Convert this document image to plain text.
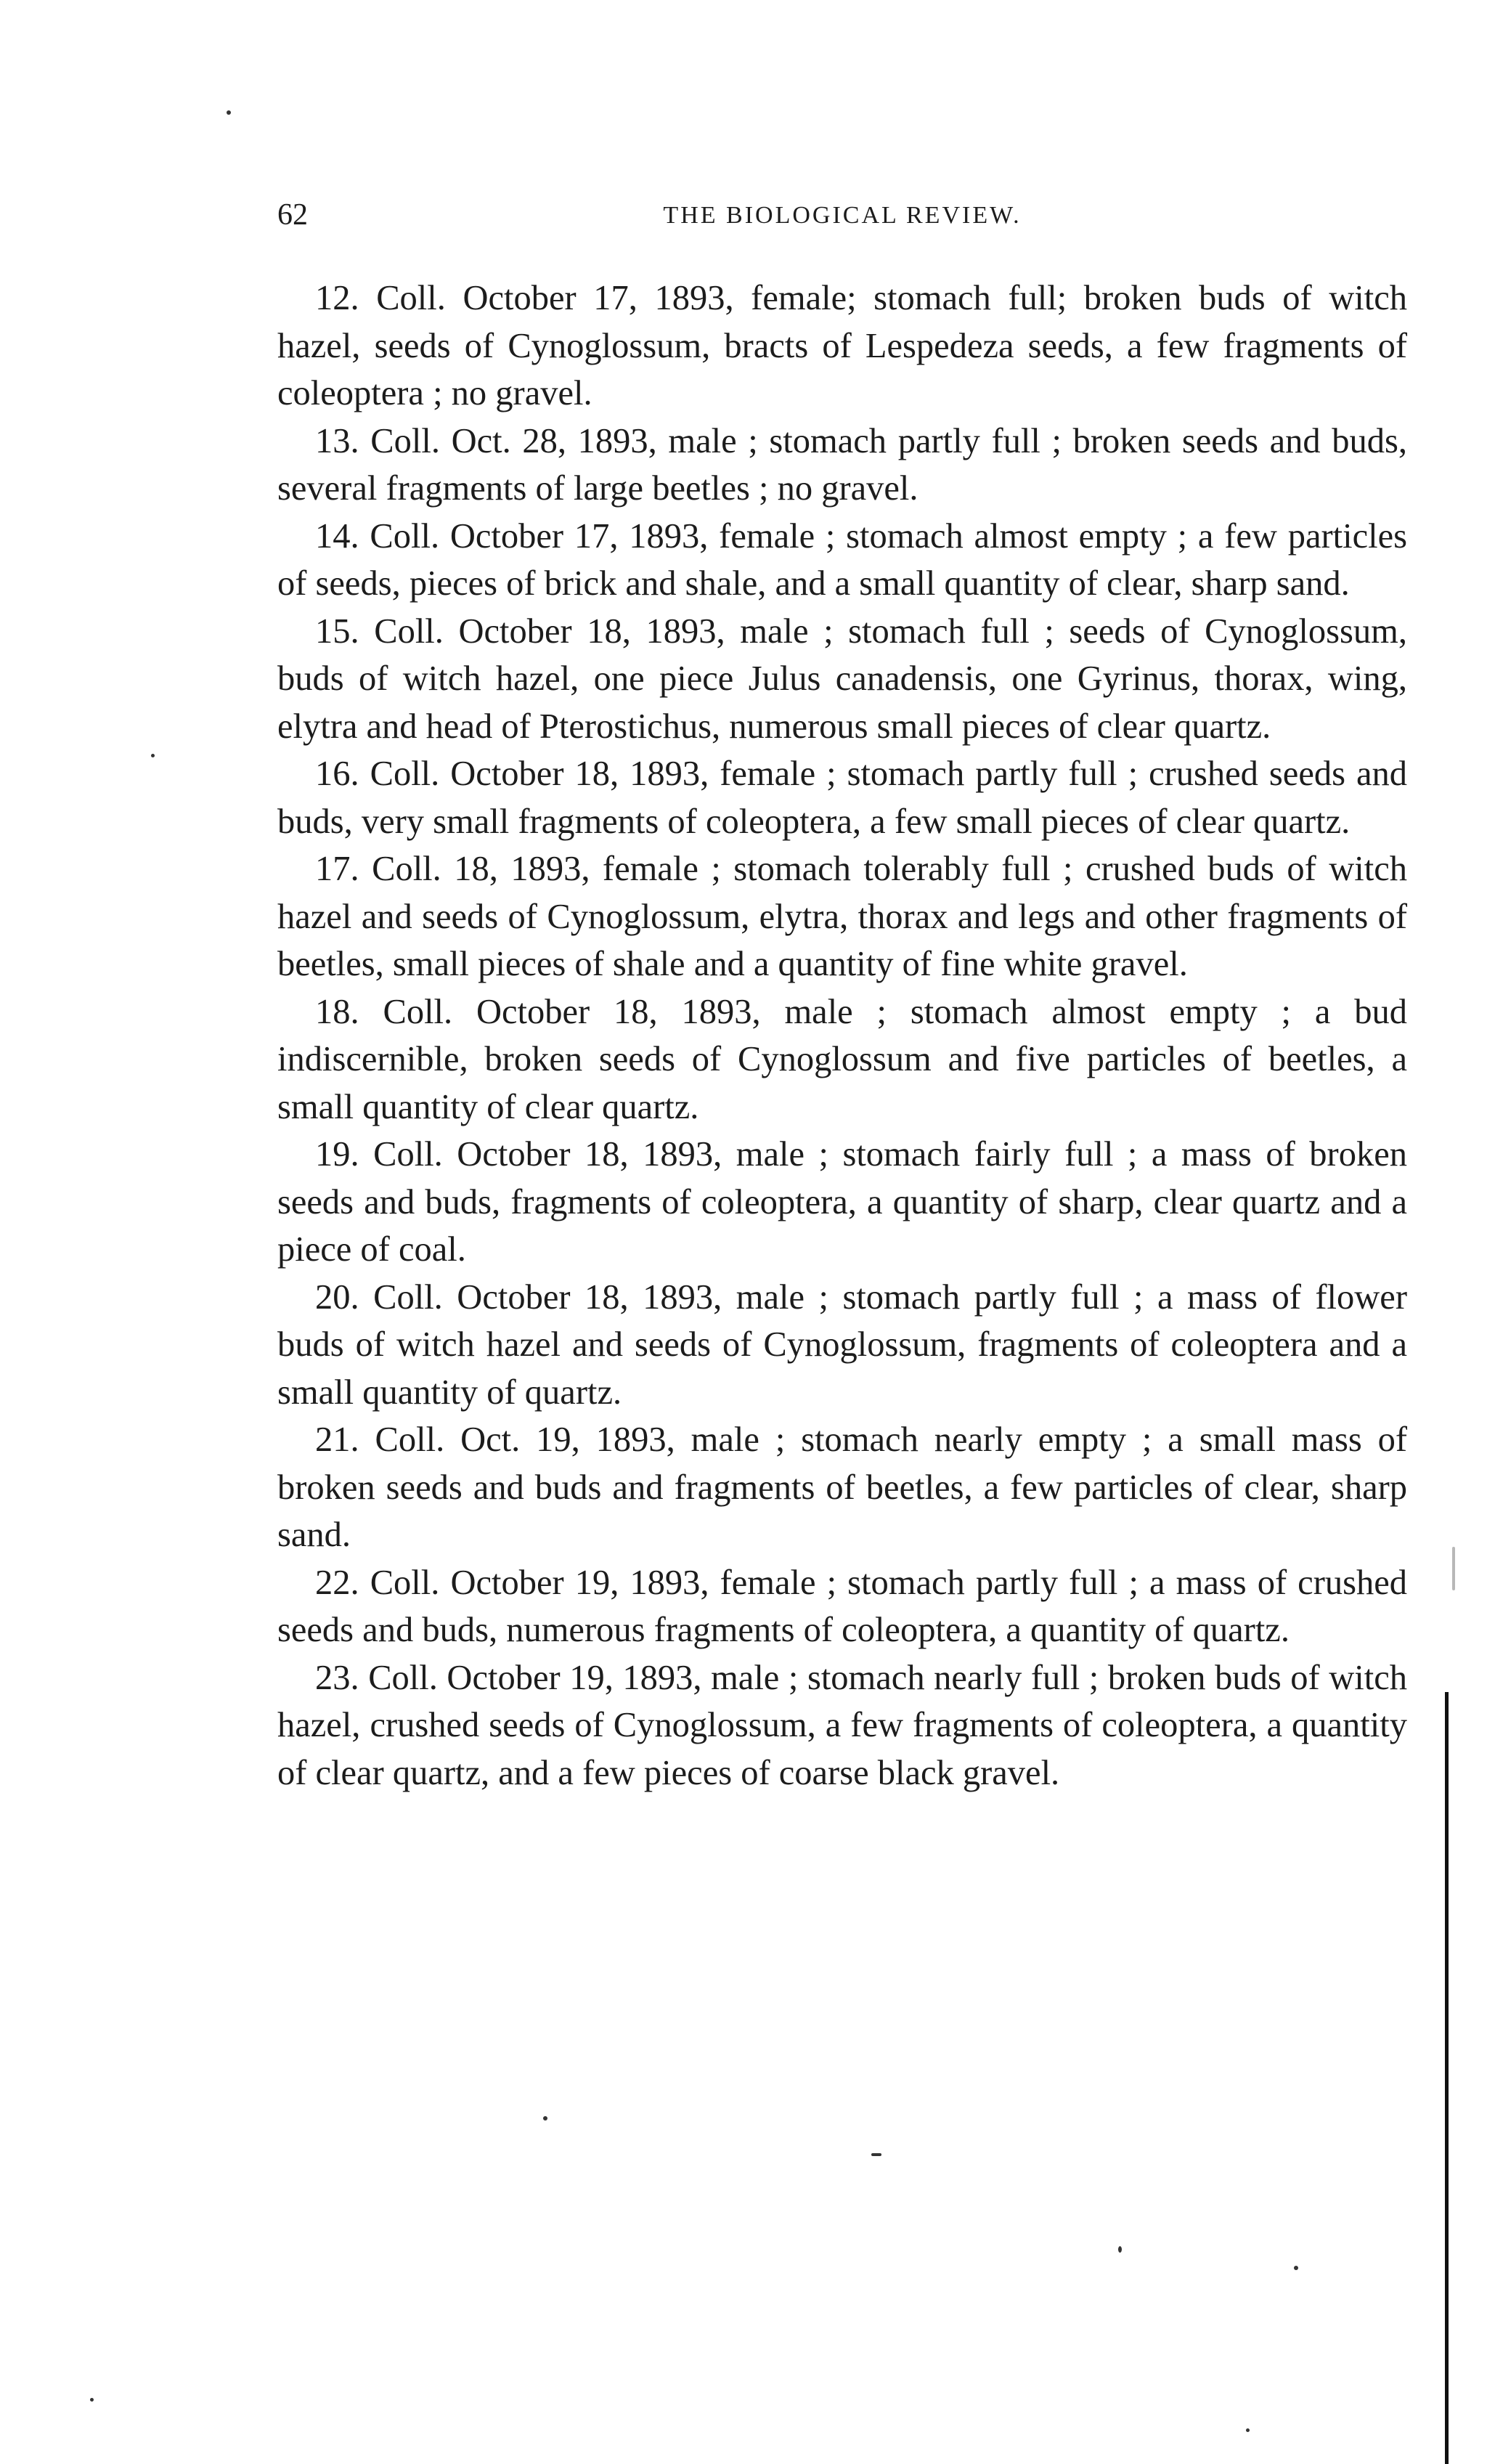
62	THE BIOLOGICAL REVIEW.

12. Coll. October 17, 1893, female; stomach full; broken buds of witch hazel, seeds of Cynoglossum, bracts of Lespedeza seeds, a few fragments of coleoptera ; no gravel.

13. Coll. Oct. 28, 1893, male ; stomach partly full ; broken seeds and buds, several fragments of large beetles ; no gravel.

14. Coll. October 17, 1893, female ; stomach almost empty ; a few particles of seeds, pieces of brick and shale, and a small quantity of clear, sharp sand.

15. Coll. October 18, 1893, male ; stomach full ; seeds of Cynoglossum, buds of witch hazel, one piece Julus canadensis, one Gyrinus, thorax, wing, elytra and head of Pterostichus, numerous small pieces of clear quartz.

16. Coll. October 18, 1893, female ; stomach partly full ; crushed seeds and buds, very small fragments of coleoptera, a few small pieces of clear quartz.

17. Coll. 18, 1893, female ; stomach tolerably full ; crushed buds of witch hazel and seeds of Cynoglossum, elytra, thorax and legs and other fragments of beetles, small pieces of shale and a quantity of fine white gravel.

18. Coll. October 18, 1893, male ; stomach almost empty ; a bud indiscernible, broken seeds of Cynoglossum and five particles of beetles, a small quantity of clear quartz.

19. Coll. October 18, 1893, male ; stomach fairly full ; a mass of broken seeds and buds, fragments of coleoptera, a quantity of sharp, clear quartz and a piece of coal.

20. Coll. October 18, 1893, male ; stomach partly full ; a mass of flower buds of witch hazel and seeds of Cynoglossum, fragments of coleoptera and a small quantity of quartz.

21. Coll. Oct. 19, 1893, male ; stomach nearly empty ; a small mass of broken seeds and buds and fragments of beetles, a few particles of clear, sharp sand.

22. Coll. October 19, 1893, female ; stomach partly full ; a mass of crushed seeds and buds, numerous fragments of coleoptera, a quantity of quartz.

23. Coll. October 19, 1893, male ; stomach nearly full ; broken buds of witch hazel, crushed seeds of Cynoglossum, a few fragments of coleoptera, a quantity of clear quartz, and a few pieces of coarse black gravel.
